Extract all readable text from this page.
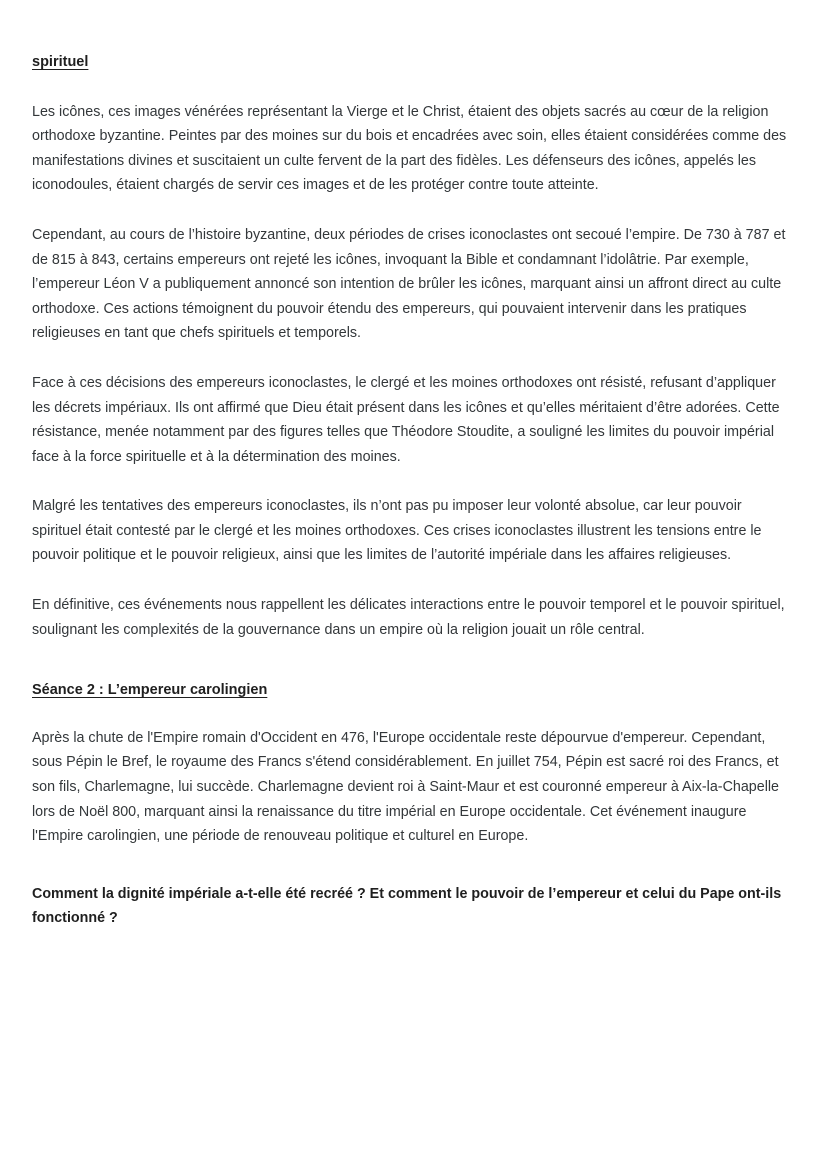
spirituel

Les icônes, ces images vénérées représentant la Vierge et le Christ, étaient des objets sacrés au cœur de la religion orthodoxe byzantine. Peintes par des moines sur du bois et encadrées avec soin, elles étaient considérées comme des manifestations divines et suscitaient un culte fervent de la part des fidèles. Les défenseurs des icônes, appelés les iconodoules, étaient chargés de servir ces images et de les protéger contre toute atteinte.

Cependant, au cours de l’histoire byzantine, deux périodes de crises iconoclastes ont secoué l’empire. De 730 à 787 et de 815 à 843, certains empereurs ont rejeté les icônes, invoquant la Bible et condamnant l’idolâtrie. Par exemple, l’empereur Léon V a publiquement annoncé son intention de brûler les icônes, marquant ainsi un affront direct au culte orthodoxe. Ces actions témoignent du pouvoir étendu des empereurs, qui pouvaient intervenir dans les pratiques religieuses en tant que chefs spirituels et temporels.

Face à ces décisions des empereurs iconoclastes, le clergé et les moines orthodoxes ont résisté, refusant d’appliquer les décrets impériaux. Ils ont affirmé que Dieu était présent dans les icônes et qu’elles méritaient d’être adorées. Cette résistance, menée notamment par des figures telles que Théodore Stoudite, a souligné les limites du pouvoir impérial face à la force spirituelle et à la détermination des moines.

Malgré les tentatives des empereurs iconoclastes, ils n’ont pas pu imposer leur volonté absolue, car leur pouvoir spirituel était contesté par le clergé et les moines orthodoxes. Ces crises iconoclastes illustrent les tensions entre le pouvoir politique et le pouvoir religieux, ainsi que les limites de l’autorité impériale dans les affaires religieuses.

En définitive, ces événements nous rappellent les délicates interactions entre le pouvoir temporel et le pouvoir spirituel, soulignant les complexités de la gouvernance dans un empire où la religion jouait un rôle central.

Séance 2 : L’empereur carolingien

Après la chute de l'Empire romain d'Occident en 476, l'Europe occidentale reste dépourvue d'empereur. Cependant, sous Pépin le Bref, le royaume des Francs s'étend considérablement. En juillet 754, Pépin est sacré roi des Francs, et son fils, Charlemagne, lui succède. Charlemagne devient roi à Saint-Maur et est couronné empereur à Aix-la-Chapelle lors de Noël 800, marquant ainsi la renaissance du titre impérial en Europe occidentale. Cet événement inaugure l'Empire carolingien, une période de renouveau politique et culturel en Europe.

Comment la dignité impériale a-t-elle été recréé ? Et comment le pouvoir de l’empereur et celui du Pape ont-ils fonctionné ?
